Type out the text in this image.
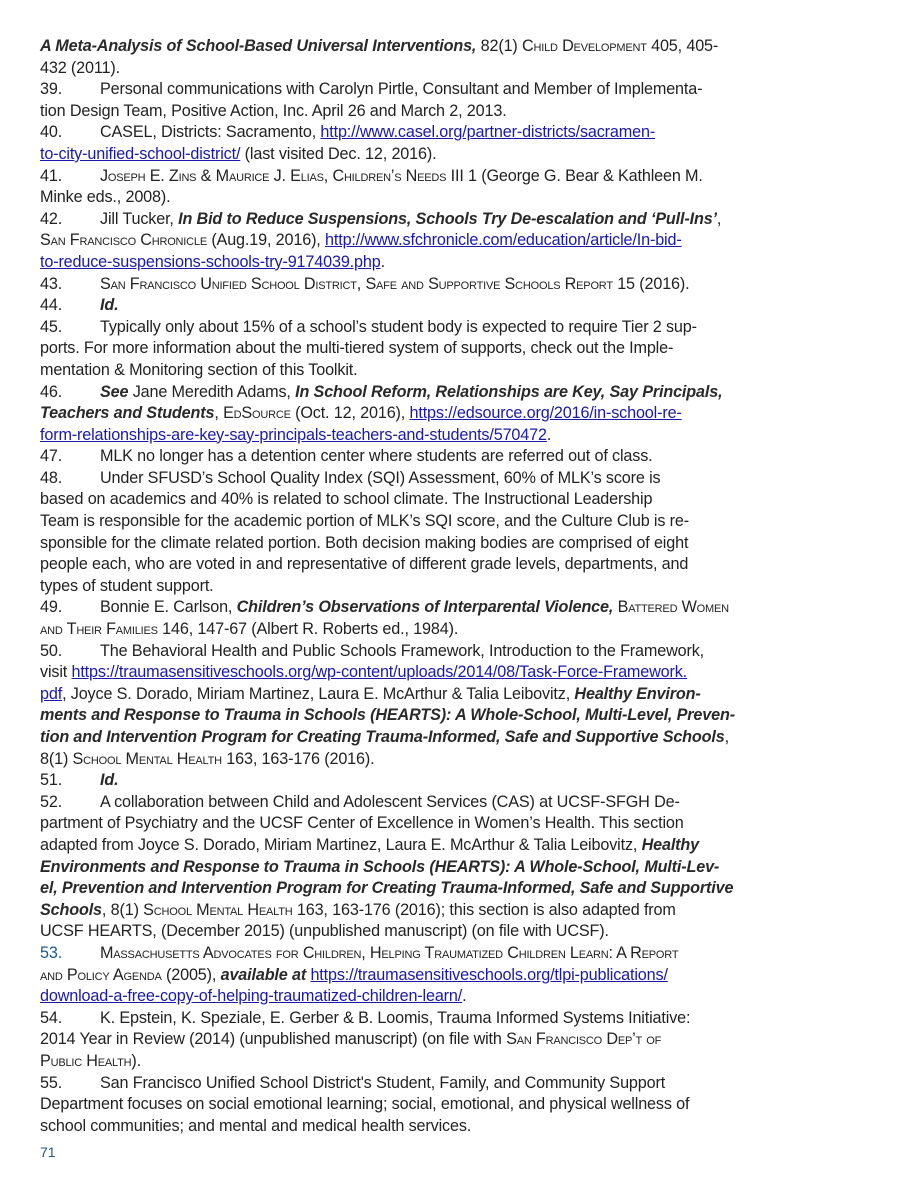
A Meta-Analysis of School-Based Universal Interventions, 82(1) Child Development 405, 405-
432 (2011).
39. Personal communications with Carolyn Pirtle, Consultant and Member of Implementa-
tion Design Team, Positive Action, Inc. April 26 and March 2, 2013.
40. CASEL, Districts: Sacramento, http://www.casel.org/partner-districts/sacramen-
to-city-unified-school-district/ (last visited Dec. 12, 2016).
41. Joseph E. Zins & Maurice J. Elias, Children’s Needs III 1 (George G. Bear & Kathleen M.
Minke eds., 2008).
42. Jill Tucker, In Bid to Reduce Suspensions, Schools Try De-escalation and ‘Pull-Ins’,
San Francisco Chronicle (Aug.19, 2016), http://www.sfchronicle.com/education/article/In-bid-
to-reduce-suspensions-schools-try-9174039.php.
43. San Francisco Unified School District, Safe and Supportive Schools Report 15 (2016).
44. Id.
45. Typically only about 15% of a school’s student body is expected to require Tier 2 sup-
ports. For more information about the multi-tiered system of supports, check out the Imple-
mentation & Monitoring section of this Toolkit.
46. See Jane Meredith Adams, In School Reform, Relationships are Key, Say Principals,
Teachers and Students, EdSource (Oct. 12, 2016), https://edsource.org/2016/in-school-re-
form-relationships-are-key-say-principals-teachers-and-students/570472.
47. MLK no longer has a detention center where students are referred out of class.
48. Under SFUSD’s School Quality Index (SQI) Assessment, 60% of MLK’s score is
based on academics and 40% is related to school climate. The Instructional Leadership
Team is responsible for the academic portion of MLK’s SQI score, and the Culture Club is re-
sponsible for the climate related portion. Both decision making bodies are comprised of eight
people each, who are voted in and representative of different grade levels, departments, and
types of student support.
49. Bonnie E. Carlson, Children’s Observations of Interparental Violence, Battered Women
and Their Families 146, 147-67 (Albert R. Roberts ed., 1984).
50. The Behavioral Health and Public Schools Framework, Introduction to the Framework,
visit https://traumasensitiveschools.org/wp-content/uploads/2014/08/Task-Force-Framework.
pdf, Joyce S. Dorado, Miriam Martinez, Laura E. McArthur & Talia Leibovitz, Healthy Environ-
ments and Response to Trauma in Schools (HEARTS): A Whole-School, Multi-Level, Preven-
tion and Intervention Program for Creating Trauma-Informed, Safe and Supportive Schools,
8(1) School Mental Health 163, 163-176 (2016).
51. Id.
52. A collaboration between Child and Adolescent Services (CAS) at UCSF-SFGH De-
partment of Psychiatry and the UCSF Center of Excellence in Women’s Health. This section
adapted from Joyce S. Dorado, Miriam Martinez, Laura E. McArthur & Talia Leibovitz, Healthy
Environments and Response to Trauma in Schools (HEARTS): A Whole-School, Multi-Lev-
el, Prevention and Intervention Program for Creating Trauma-Informed, Safe and Supportive
Schools, 8(1) School Mental Health 163, 163-176 (2016); this section is also adapted from
UCSF HEARTS, (December 2015) (unpublished manuscript) (on file with UCSF).
53. Massachusetts Advocates for Children, Helping Traumatized Children Learn: A Report
and Policy Agenda (2005), available at https://traumasensitiveschools.org/tlpi-publications/
download-a-free-copy-of-helping-traumatized-children-learn/.
54. K. Epstein, K. Speziale, E. Gerber & B. Loomis, Trauma Informed Systems Initiative:
2014 Year in Review (2014) (unpublished manuscript) (on file with San Francisco Dep’t of
Public Health).
55. San Francisco Unified School District's Student, Family, and Community Support
Department focuses on social emotional learning; social, emotional, and physical wellness of
school communities; and mental and medical health services.
71
